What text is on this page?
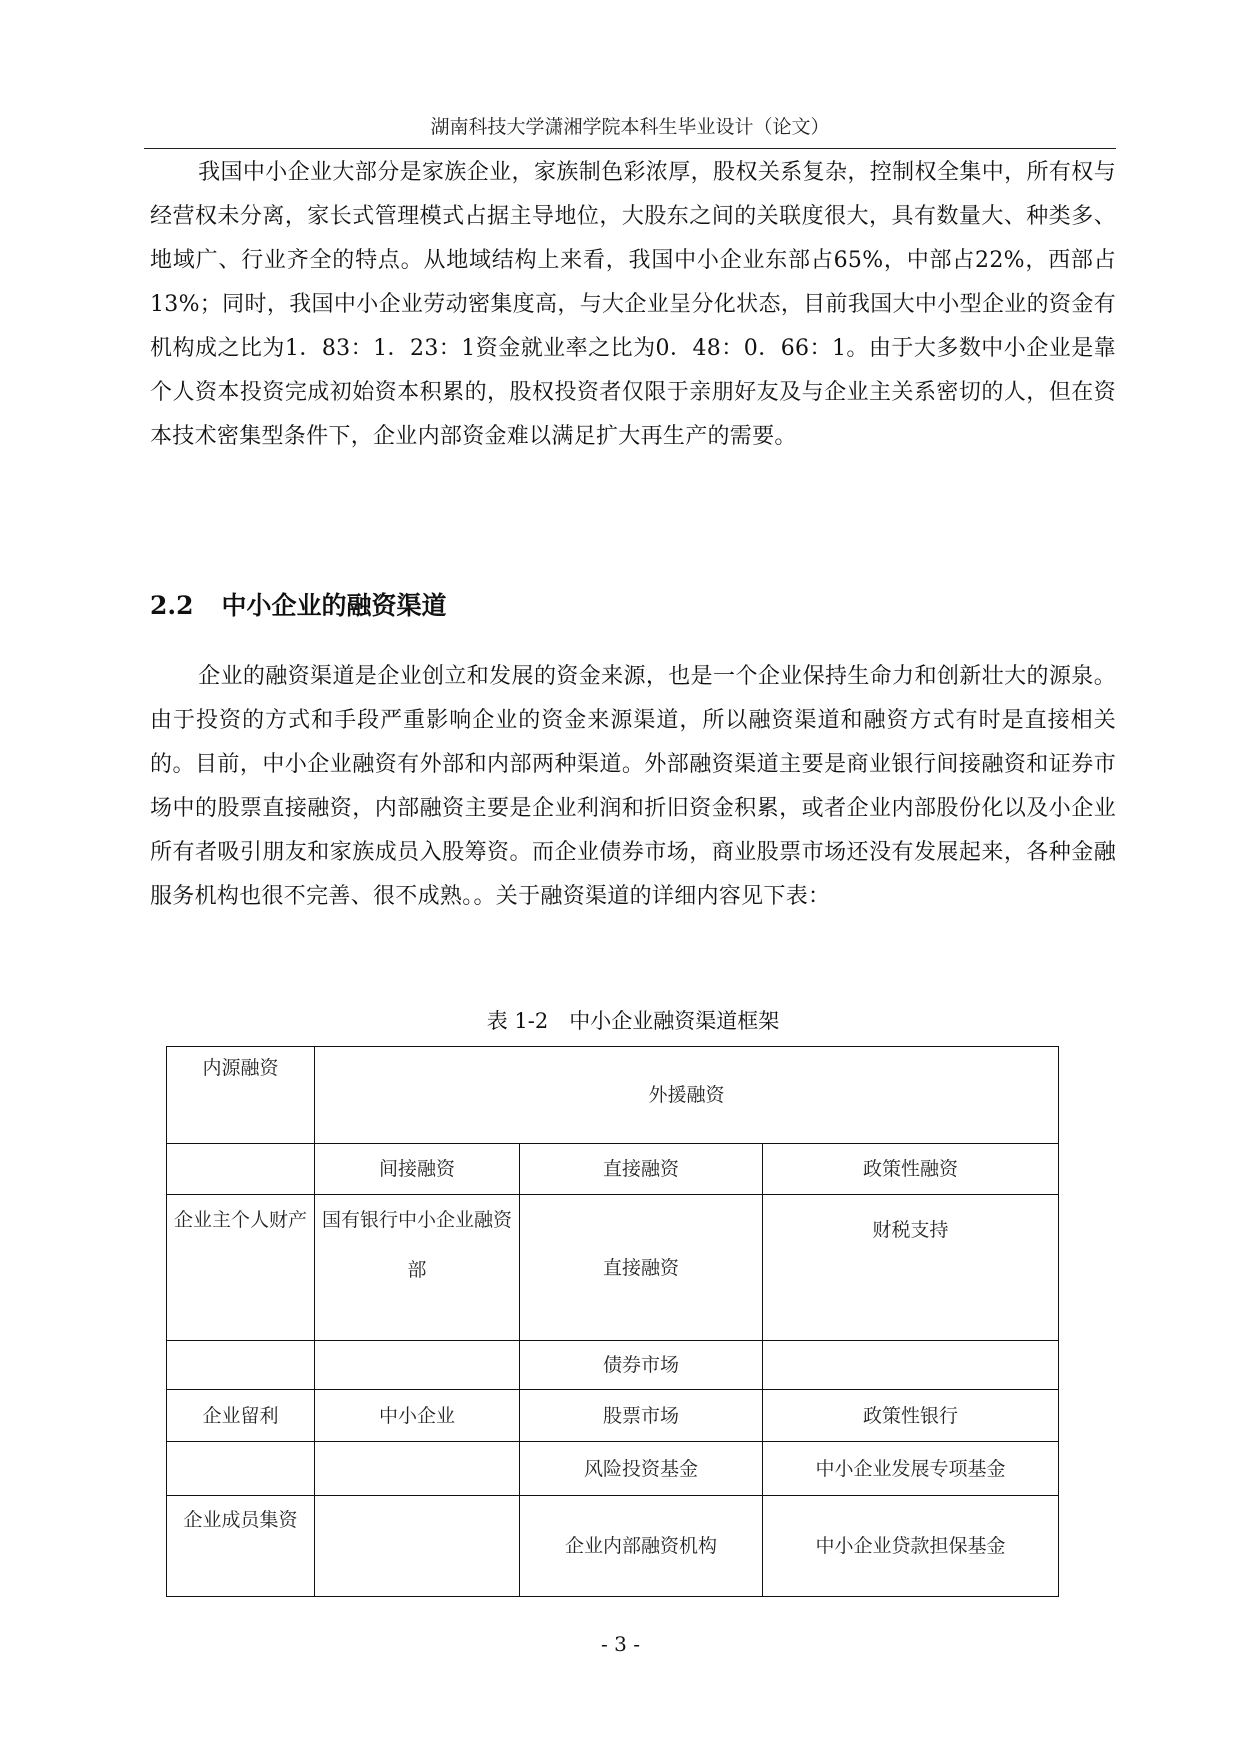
湖南科技大学潇湘学院本科生毕业设计（论文）

我国中小企业大部分是家族企业，家族制色彩浓厚，股权关系复杂，控制权全集中，所有权与经营权未分离，家长式管理模式占据主导地位，大股东之间的关联度很大，具有数量大、种类多、地域广、行业齐全的特点。从地域结构上来看，我国中小企业东部占65%，中部占22%，西部占13%；同时，我国中小企业劳动密集度高，与大企业呈分化状态，目前我国大中小型企业的资金有机构成之比为1．83：1．23：1资金就业率之比为0．48：0．66：1。由于大多数中小企业是靠个人资本投资完成初始资本积累的，股权投资者仅限于亲朋好友及与企业主关系密切的人，但在资本技术密集型条件下，企业内部资金难以满足扩大再生产的需要。

2.2 中小企业的融资渠道

企业的融资渠道是企业创立和发展的资金来源，也是一个企业保持生命力和创新壮大的源泉。由于投资的方式和手段严重影响企业的资金来源渠道，所以融资渠道和融资方式有时是直接相关的。目前，中小企业融资有外部和内部两种渠道。外部融资渠道主要是商业银行间接融资和证券市场中的股票直接融资，内部融资主要是企业利润和折旧资金积累，或者企业内部股份化以及小企业所有者吸引朋友和家族成员入股筹资。而企业债券市场，商业股票市场还没有发展起来，各种金融服务机构也很不完善、很不成熟。。关于融资渠道的详细内容见下表：

表 1-2　中小企业融资渠道框架
内源融资	外援融资		
	间接融资	直接融资	政策性融资
企业主个人财产	国有银行中小企业融资部	直接融资	财税支持
		债券市场	
企业留利	中小企业	股票市场	政策性银行
		风险投资基金	中小企业发展专项基金
企业成员集资		企业内部融资机构	中小企业贷款担保基金
- 3 -
